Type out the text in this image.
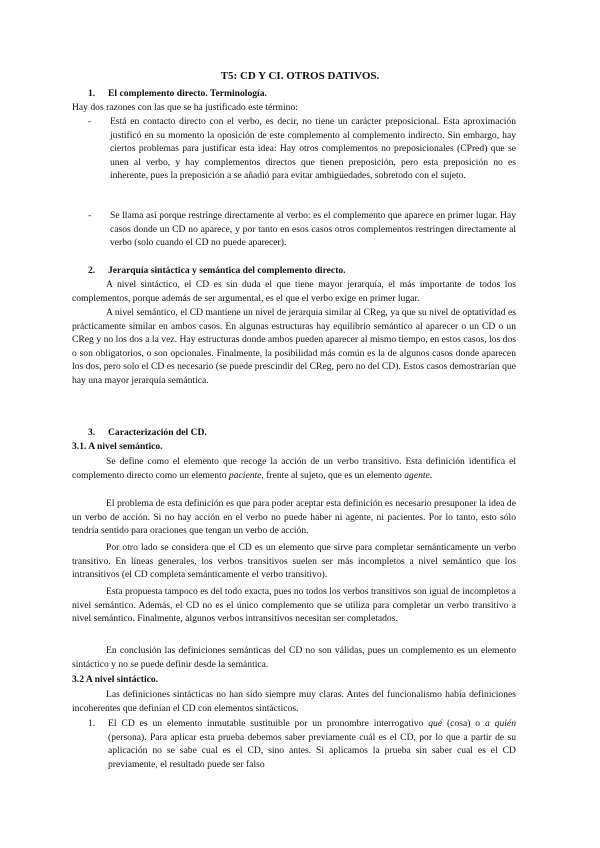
T5: CD Y CI. OTROS DATIVOS.
1. El complemento directo. Terminología.
Hay dos razones con las que se ha justificado este término:

- Está en contacto directo con el verbo, es decir, no tiene un carácter preposicional. Esta aproximación justificó en su momento la oposición de este complemento al complemento indirecto. Sin embargo, hay ciertos problemas para justificar esta idea: Hay otros complementos no preposicionales (CPred) que se unen al verbo, y hay complementos directos que tienen preposición, pero esta preposición no es inherente, pues la preposición a se añadió para evitar ambigüedades, sobretodo con el sujeto.

- Se llama así porque restringe directamente al verbo: es el complemento que aparece en primer lugar. Hay casos donde un CD no aparece, y por tanto en esos casos otros complementos restringen directamente al verbo (solo cuando el CD no puede aparecer).

2. Jerarquía sintáctica y semántica del complemento directo.

A nivel sintáctico, el CD es sin duda el que tiene mayor jerarquía, el más importante de todos los complementos, porque además de ser argumental, es el que el verbo exige en primer lugar.

A nivel semántico, el CD mantiene un nivel de jerarquía similar al CReg, ya que su nivel de optatividad es prácticamente similar en ambos casos. En algunas estructuras hay equilibrio semántico al aparecer o un CD o un CReg y no los dos a la vez. Hay estructuras donde ambos pueden aparecer al mismo tiempo, en estos casos, los dos o son obligatorios, o son opcionales. Finalmente, la posibilidad más común es la de algunos casos donde aparecen los dos, pero solo el CD es necesario (se puede prescindir del CReg, pero no del CD). Estos casos demostrarían que hay una mayor jerarquía semántica.

3. Caracterización del CD.
3.1. A nivel semántico.

Se define como el elemento que recoge la acción de un verbo transitivo. Esta definición identifica el complemento directo como un elemento paciente, frente al sujeto, que es un elemento agente.

El problema de esta definición es que para poder aceptar esta definición es necesario presuponer la idea de un verbo de acción. Si no hay acción en el verbo no puede haber ni agente, ni pacientes. Por lo tanto, esto sólo tendría sentido para oraciones que tengan un verbo de acción.

Por otro lado se considera que el CD es un elemento que sirve para completar semánticamente un verbo transitivo. En líneas generales, los verbos transitivos suelen ser más incompletos a nivel semántico que los intransitivos (el CD completa semánticamente el verbo transitivo).

Esta propuesta tampoco es del todo exacta, pues no todos los verbos transitivos son igual de incompletos a nivel semántico. Además, el CD no es el único complemento que se utiliza para completar un verbo transitivo a nivel semántico. Finalmente, algunos verbos intransitivos necesitan ser completados.

En conclusión las definiciones semánticas del CD no son válidas, pues un complemento es un elemento sintáctico y no se puede definir desde la semántica.

3.2 A nivel sintáctico.

Las definiciones sintácticas no han sido siempre muy claras. Antes del funcionalismo había definiciones incoherentes que definían el CD con elementos sintácticos.

1. El CD es un elemento inmutable sustituible por un pronombre interrogativo qué (cosa) o a quién (persona). Para aplicar esta prueba debemos saber previamente cuál es el CD, por lo que a partir de su aplicación no se sabe cual es el CD, sino antes. Si aplicamos la prueba sin saber cual es el CD previamente, el resultado puede ser falso
